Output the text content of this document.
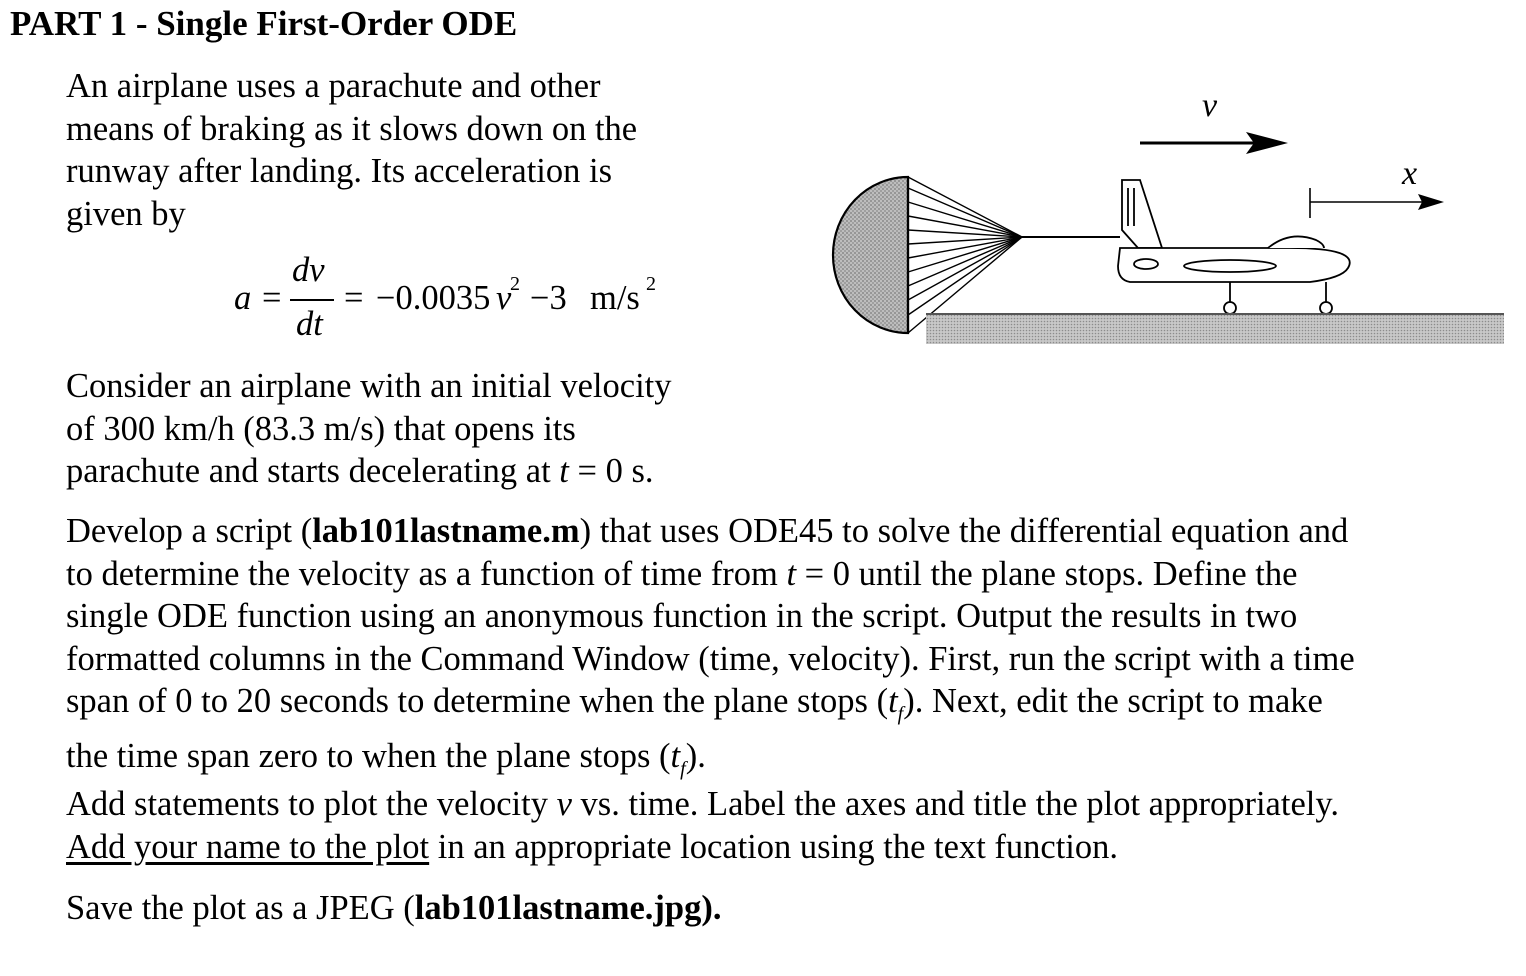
PART 1 - Single First-Order ODE

An airplane uses a parachute and other

means of braking as it slows down on the

runway after landing. Its acceleration is

given by

a =
dv
dt
= −0.0035 v
2 −3 m/s 2
v
x

Consider an airplane with an initial velocity

of 300 km/h (83.3 m/s) that opens its

parachute and starts decelerating at t = 0 s.

Develop a script (lab101lastname.m) that uses ODE45 to solve the differential equation and

to determine the velocity as a function of time from t = 0 until the plane stops. Define the

single ODE function using an anonymous function in the script. Output the results in two

formatted columns in the Command Window (time, velocity). First, run the script with a time

span of 0 to 20 seconds to determine when the plane stops $(t_f)$. Next, edit the script to make

the time span zero to when the plane stops $(t_f)$.

Add statements to plot the velocity v vs. time. Label the axes and title the plot appropriately.

Add your name to the plot in an appropriate location using the text function.

Save the plot as a JPEG (lab101lastname.jpg).
